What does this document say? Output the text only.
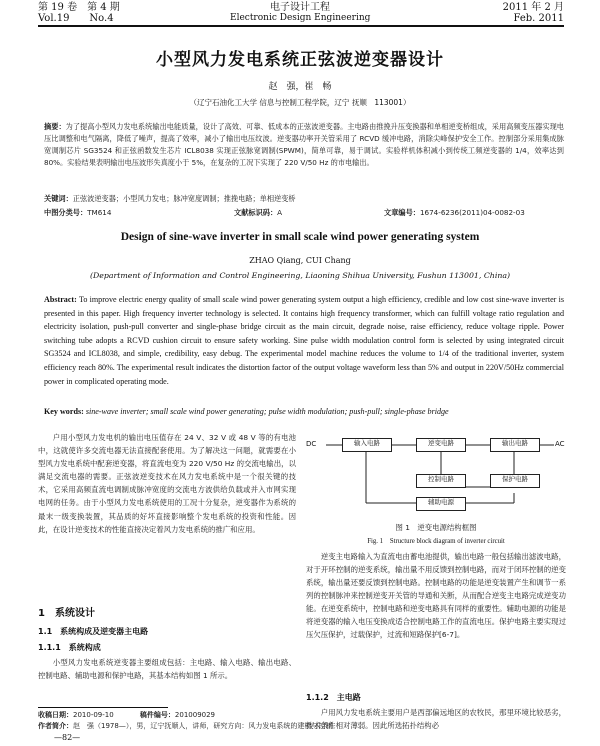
第 19 卷　第 4 期
Vol.19　　No.4
电子设计工程
Electronic Design Engineering
2011 年 2 月
Feb. 2011
小型风力发电系统正弦波逆变器设计
赵　强，崔　畅
（辽宁石油化工大学 信息与控制工程学院，辽宁 抚顺　113001）
摘要：为了提高小型风力发电系统输出电能质量，设计了高效、可靠、低成本的正弦波逆变器。主电路由推挽升压变换器和单相逆变桥组成，采用高频变压器实现电压比调整和电气隔离，降低了噪声，提高了效率，减小了输出电压纹波。逆变器功率开关管采用了 RCVD 缓冲电路，消除尖峰保护安全工作。控制部分采用集成脉宽调制芯片 SG3524 和正弦函数发生芯片 ICL8038 实现正弦脉宽调制(SPWM)，简单可靠，易于调试。实验样机体积减小到传统工频逆变器的 1/4，效率达到 80%。实验结果表明输出电压波形失真度小于 5%，在复杂的工况下实现了 220 V/50 Hz 的市电输出。
关键词：正弦波逆变器；小型风力发电；脉冲宽度调制；推挽电路；单相逆变桥
中图分类号：TM614	文献标识码：A	文章编号：1674-6236(2011)04-0082-03
Design of sine-wave inverter in small scale wind power generating system
ZHAO Qiang, CUI Chang
(Department of Information and Control Engineering, Liaoning Shihua University, Fushun 113001, China)
Abstract: To improve electric energy quality of small scale wind power generating system output a high efficiency, credible and low cost sine-wave inverter is presented in this paper. High frequency inverter technology is selected. It contains high frequency transformer, which can fulfill voltage ratio regulation and electricity isolation, push-pull converter and single-phase bridge circuit as the main circuit, degrade noise, raise efficiency, reduce voltage ripple. Power switching tube adopts a RCVD cushion circuit to ensure safety working. Sine pulse width modulation control form is selected by using integrated circuit SG3524 and ICL8038, and simple, credibility, easy debug. The experimental model machine reduces the volume to 1/4 of the traditional inverter, system efficiency reach 80%. The experimental result indicates the distortion factor of the output voltage waveform less than 5% and output in 220V/50Hz commercial power in complicated operating mode.
Key words: sine-wave inverter; small scale wind power generating; pulse width modulation; push-pull; single-phase bridge
户用小型风力发电机的输出电压值存在 24 V、32 V 或 48 V 等的有电池中，这就使许多交流电器无法直接配套使用。为了解决这一问题，就需要在小型风力发电系统中配套逆变器，将直流电变为 220 V/50 Hz 的交流电输出，以满足交流电器的需要。正弦波逆变技术在风力发电系统中是一个很关键的技术，它采用高频直流电调制成脉冲宽度的交流电方波供给负载或并入市网实现电网的任务。由于小型风力发电系统使用的工况十分复杂，逆变器作为系统的最末一级变换装置，其品质的好坏直接影响整个发电系统的投资和性能。因此，在设计逆变技术的性能直接决定着风力发电系统的推广和应用。
1　系统设计
1.1　系统构成及逆变器主电路
1.1.1　系统构成
小型风力发电系统逆变器主要组成包括：主电路、输入电路、输出电路、控制电路、辅助电源和保护电路，其基本结构如图 1 所示。
DC	AC
输入电路	逆变电路	输出电路
控制电路
辅助电源
保护电路
图 1　逆变电源结构框图
Fig. 1　Structure block diagram of inverter circuit
逆变主电路输入为直流电由蓄电池提供，输出电路一般包括输出滤波电路，对于开环控制的逆变系统，输出量不用反馈到控制电路，而对于闭环控制的逆变系统，输出量还要反馈到控制电路。控制电路的功能是逆变装置产生和调节一系列的控制脉冲来控制逆变开关管的导通和关断，从而配合逆变主电路完成逆变功能。在逆变系统中，控制电路和逆变电路具有同样的重要性。辅助电源的功能是将逆变器的输入电压变换成适合控制电路工作的直流电压。保护电路主要实现过压欠压保护，过载保护，过流和短路保护[6-7]。
1.1.2　主电路
户用风力发电系统主要用户是西部偏远地区的农牧民，那里环境比较恶劣，技术条件相对薄弱。因此所选拓扑结构必
收稿日期：2010-09-10	稿件编号：201009029
作者简介：赵　强（1978—），男，辽宁抚顺人，讲师，研究方向：风力发电系统的建模与控制。
—82—
